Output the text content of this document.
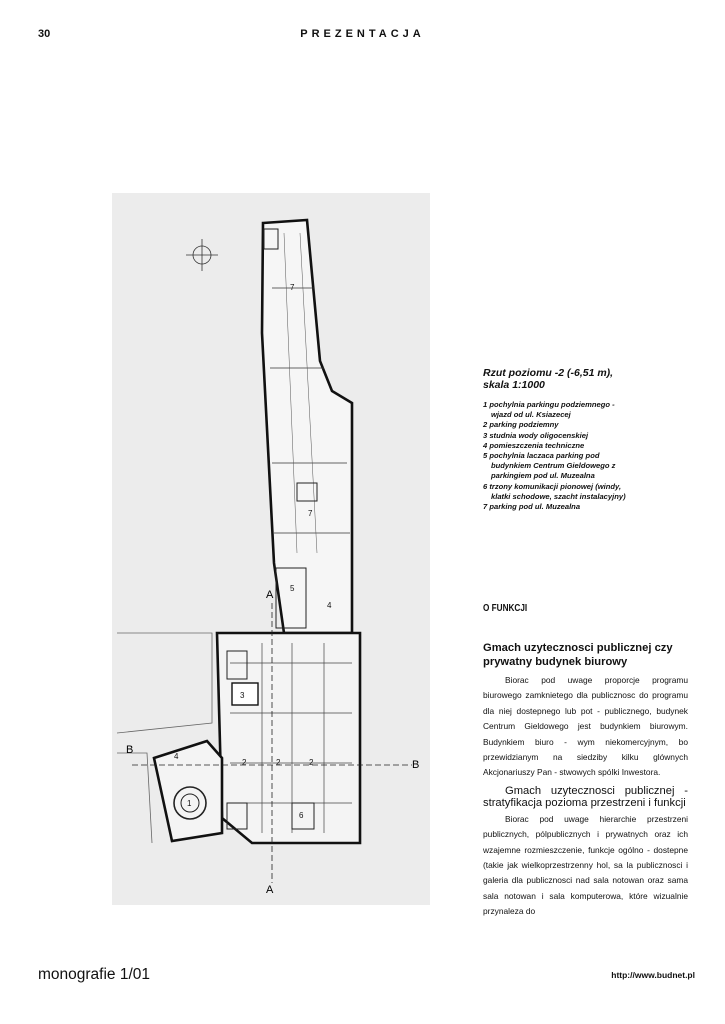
30	PREZENTACJA
A
A
B
B
7
7
5
4
4
3
2	2	2
1
6
Rzut poziomu -2 (-6,51 m),
skala 1:1000
1 pochylnia parkingu podziemnego -
wjazd od ul. Ksiazecej
2 parking podziemny
3 studnia wody oligocenskiej
4 pomieszczenia techniczne
5 pochylnia laczaca parking pod
budynkiem Centrum Gieldowego z
parkingiem pod ul. Muzealna
6 trzony komunikacji pionowej (windy,
klatki schodowe, szacht instalacyjny)
7 parking pod ul. Muzealna
O FUNKCJI
Gmach uzytecznosci publicznej czy prywatny budynek biurowy

Biorac pod uwage proporcje programu biurowego zamknietego dla publicznosc do programu dla niej dostepnego lub pot - publicznego, budynek Centrum Gieldowego jest budynkiem biurowym. Budynkiem biuro - wym niekomercyjnym, bo przewidzianym na siedziby kilku glównych Akcjonariuszy Pan - stwowych spólki Inwestora.

Gmach uzytecznosci publicznej - stratyfikacja pozioma przestrzeni i funkcji

Biorac pod uwage hierarchie przestrzeni publicznych, pólpublicznych i prywatnych oraz ich wzajemne rozmieszczenie, funkcje ogólno - dostepne (takie jak wielkoprzestrzenny hol, sa la publicznosci i galeria dla publicznosci nad sala notowan oraz sama sala notowan i sala komputerowa, które wizualnie przynaleza do

monografie 1/01	http://www.budnet.pl
